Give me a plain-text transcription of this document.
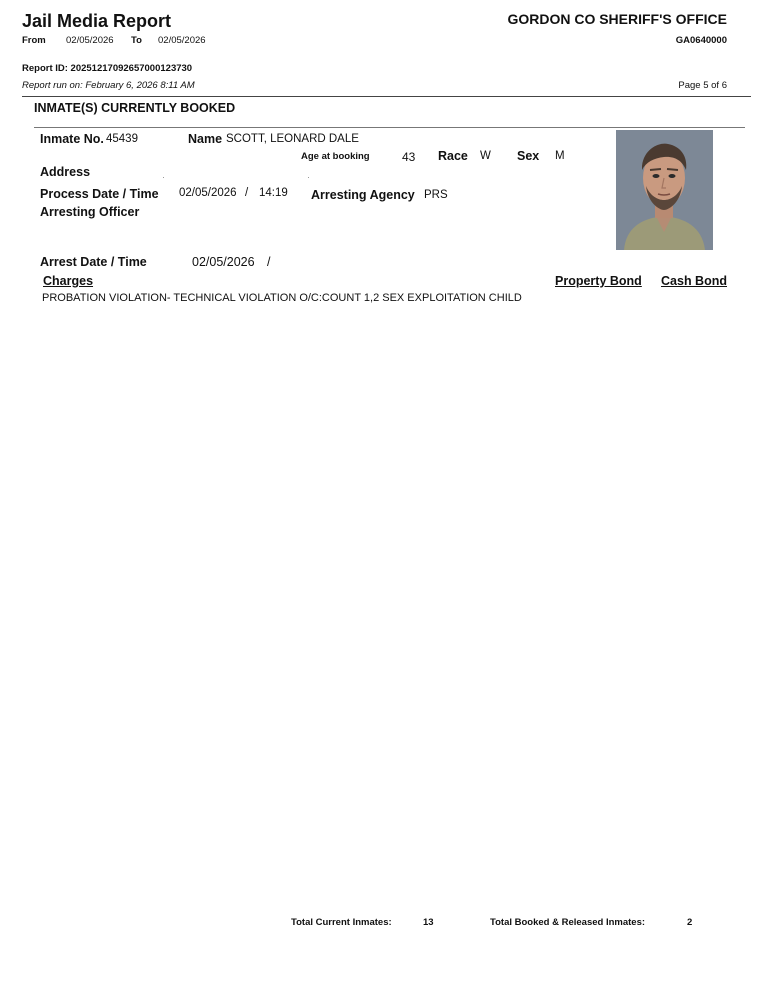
Jail Media Report	GORDON CO SHERIFF'S OFFICE
GA0640000
From 02/05/2026 To 02/05/2026
Report ID: 20251217092657000123730
Report run on: February 6, 2026 8:11 AM	Page 5 of 6
INMATE(S) CURRENTLY BOOKED
Inmate No. 45439	Name SCOTT, LEONARD DALE
Age at booking	43 Race W Sex M
Address
Process Date / Time 02/05/2026 / 14:19 Arresting Agency PRS
Arresting Officer
Arrest Date / Time	02/05/2026 /
Charges	Property Bond Cash Bond
PROBATION VIOLATION- TECHNICAL VIOLATION O/C:COUNT 1,2 SEX EXPLOITATION CHILD
Total Current Inmates:	13	Total Booked & Released Inmates:	2
